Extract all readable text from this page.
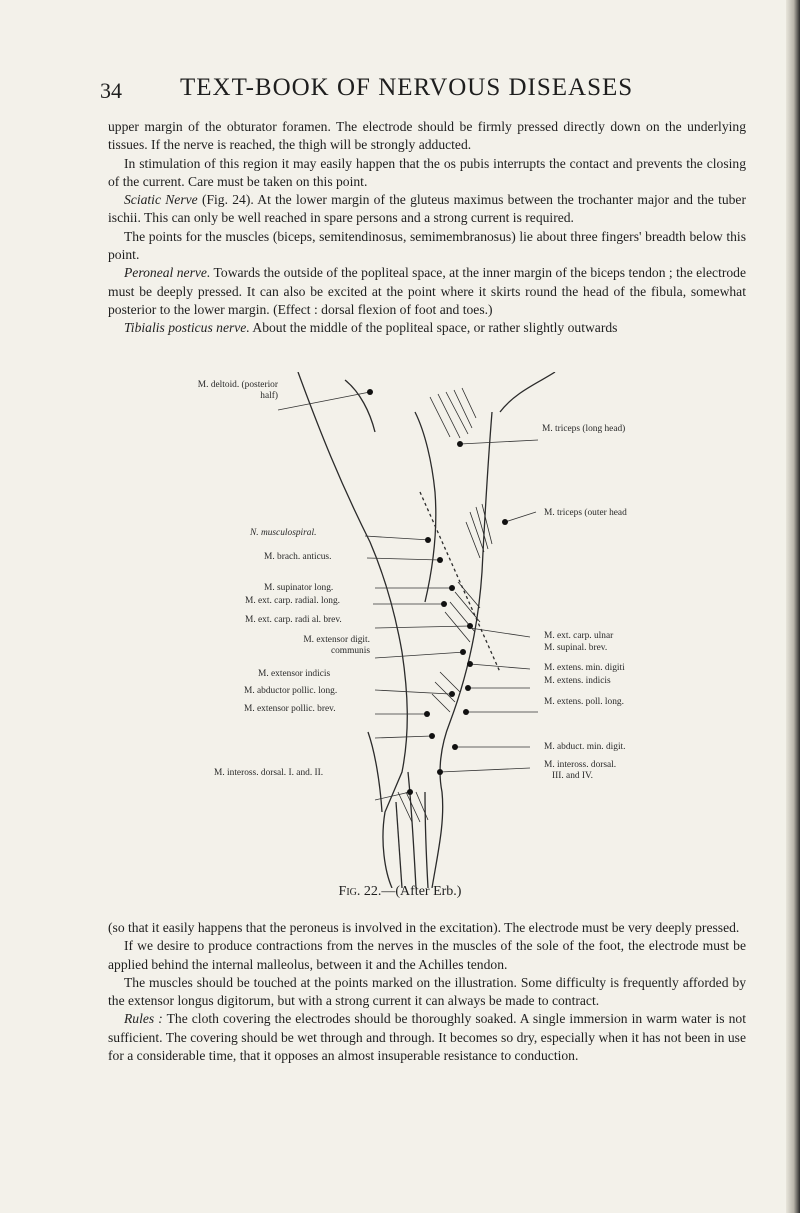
34 TEXT-BOOK OF NERVOUS DISEASES

upper margin of the obturator foramen. The electrode should be firmly pressed directly down on the underlying tissues. If the nerve is reached, the thigh will be strongly adducted.

In stimulation of this region it may easily happen that the os pubis interrupts the contact and prevents the closing of the current. Care must be taken on this point.

Sciatic Nerve (Fig. 24). At the lower margin of the gluteus maximus between the trochanter major and the tuber ischii. This can only be well reached in spare persons and a strong current is required.

The points for the muscles (biceps, semitendinosus, semimembranosus) lie about three fingers' breadth below this point.

Peroneal nerve. Towards the outside of the popliteal space, at the inner margin of the biceps tendon ; the electrode must be deeply pressed. It can also be excited at the point where it skirts round the head of the fibula, somewhat posterior to the lower margin. (Effect : dorsal flexion of foot and toes.)

Tibialis posticus nerve. About the middle of the popliteal space, or rather slightly outwards

M. deltoid. (posterior
half)
N. musculospiral.
M. brach. anticus.
M. supinator long.
M. ext. carp. radial. long.
M. ext. carp. radi al. brev.
M. extensor digit.
communis
M. extensor indicis
M. abductor pollic. long.
M. extensor pollic. brev.
M. inteross. dorsal. I. and. II.
M. triceps (long head)
M. triceps (outer head
M. ext. carp. ulnar
M. supinal. brev.
M. extens. min. digiti
M. extens. indicis
M. extens. poll. long.
M. abduct. min. digit.
M. inteross. dorsal.
III. and IV.
Fig. 22.—(After Erb.)

(so that it easily happens that the peroneus is involved in the excitation). The electrode must be very deeply pressed.

If we desire to produce contractions from the nerves in the muscles of the sole of the foot, the electrode must be applied behind the internal malleolus, between it and the Achilles tendon.

The muscles should be touched at the points marked on the illustration. Some difficulty is frequently afforded by the extensor longus digitorum, but with a strong current it can always be made to contract.

Rules : The cloth covering the electrodes should be thoroughly soaked. A single immersion in warm water is not sufficient. The covering should be wet through and through. It becomes so dry, especially when it has not been in use for a considerable time, that it opposes an almost insuperable resistance to conduction.
